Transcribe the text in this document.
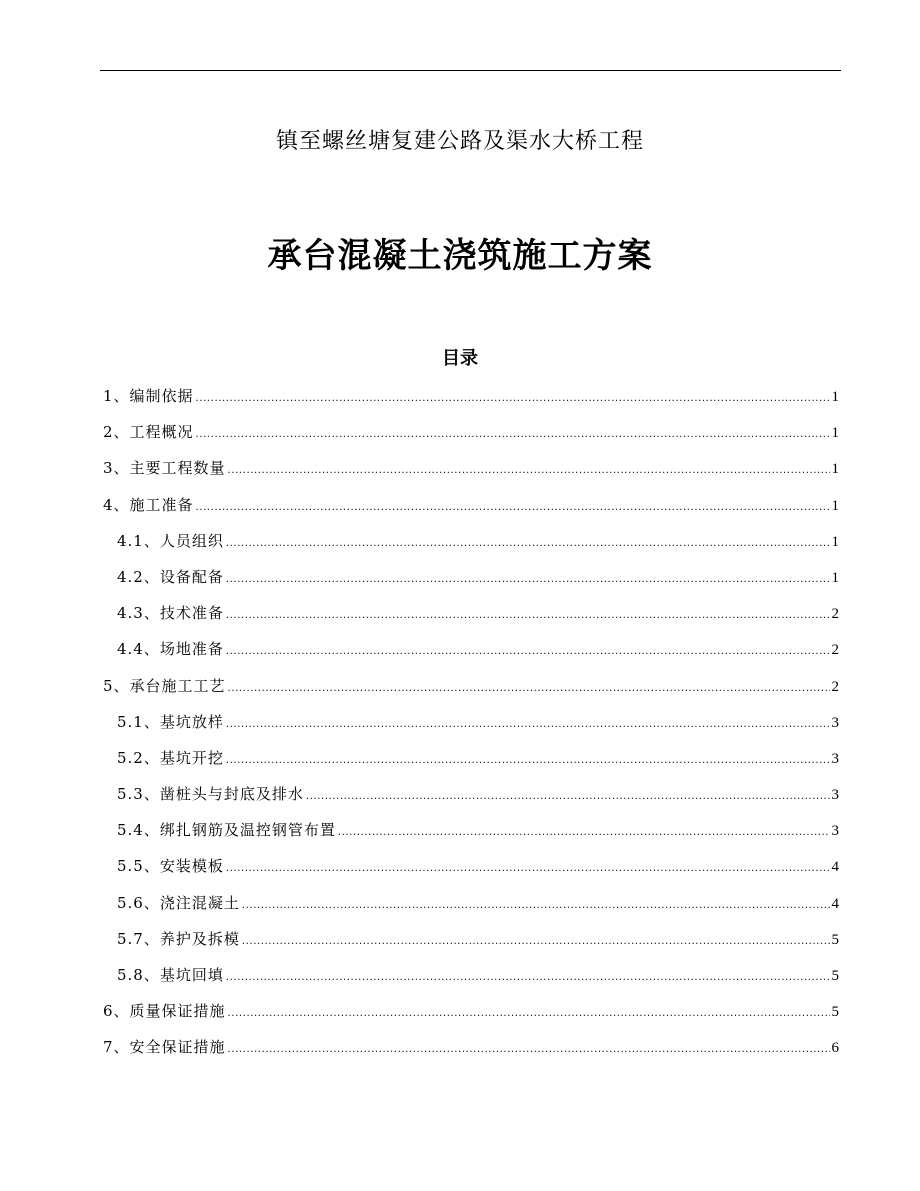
镇至螺丝塘复建公路及渠水大桥工程
承台混凝土浇筑施工方案
目录
1、编制依据 .....	1
2、工程概况 .....	1
3、主要工程数量 .....	1
4、施工准备 .....	1
4.1、人员组织 .....	1
4.2、设备配备 .....	1
4.3、技术准备 .....	2
4.4、场地准备 .....	2
5、承台施工工艺 .....	2
5.1、基坑放样 .....	3
5.2、基坑开挖 .....	3
5.3、凿桩头与封底及排水 .....	3
5.4、绑扎钢筋及温控钢管布置 .....	3
5.5、安装模板 .....	4
5.6、浇注混凝土 .....	4
5.7、养护及拆模 .....	5
5.8、基坑回填 .....	5
6、质量保证措施 .....	5
7、安全保证措施 .....	6
